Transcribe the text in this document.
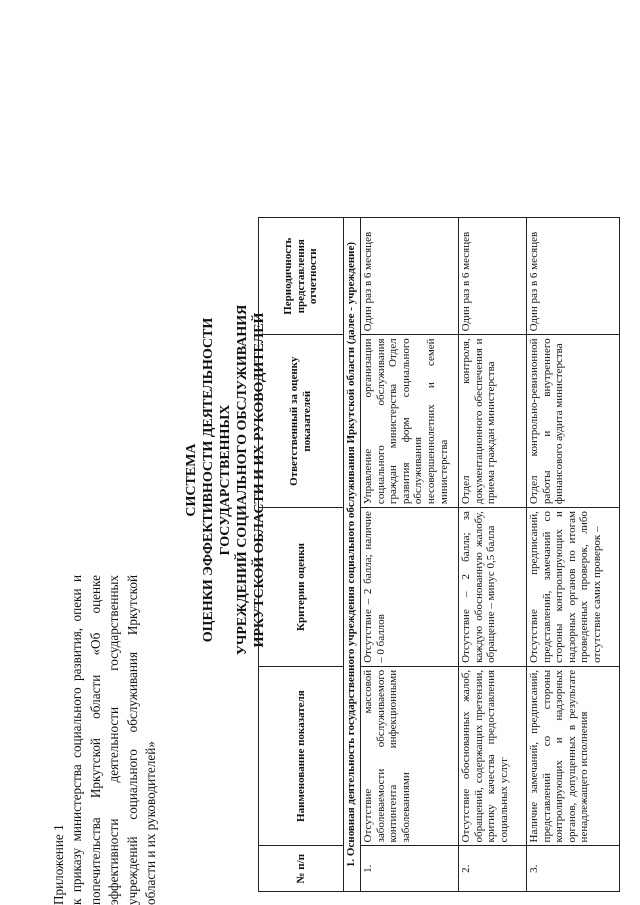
Приложение 1 к приказу министерства социального развития, опеки и попечительства Иркутской области «Об оценке эффективности деятельности государственных учреждений социального обслуживания Иркутской области и их руководителей»
СИСТЕМА ОЦЕНКИ ЭФФЕКТИВНОСТИ ДЕЯТЕЛЬНОСТИ ГОСУДАРСТВЕННЫХ УЧРЕЖДЕНИЙ СОЦИАЛЬНОГО ОБСЛУЖИВАНИЯ ИРКУТСКОЙ ОБЛАСТИ И ИХ РУКОВОДИТЕЛЕЙ
№ п/п	Наименование показателя	Критерии оценки	Ответственный за оценку показателей	Периодичность представления отчетности
1. Основная деятельность государственного учреждения социального обслуживания Иркутской области (далее - учреждение)				
1.	Отсутствие массовой заболеваемости обслуживаемого контингента инфекционными заболеваниями	Отсутствие – 2 балла; наличие – 0 баллов	Управление организации социального обслуживания граждан министерства Отдел развития форм социального обслуживания несовершеннолетних и семей министерства	Один раз в 6 месяцев
2.	Отсутствие обоснованных жалоб, обращений, содержащих претензии, критику качества предоставления социальных услуг	Отсутствие – 2 балла; за каждую обоснованную жалобу, обращение – минус 0,5 балла	Отдел контроля, документационного обеспечения и приема граждан министерства	Один раз в 6 месяцев
3.	Наличие замечаний, предписаний, представлений со стороны контролирующих и надзорных органов, допущенных в результате ненадлежащего исполнения	Отсутствие предписаний, представлений, замечаний со стороны контролирующих и надзорных органов по итогам проведенных проверок, либо отсутствие самих проверок –	Отдел контрольно-ревизионной работы и внутреннего финансового аудита министерства	Один раз в 6 месяцев
